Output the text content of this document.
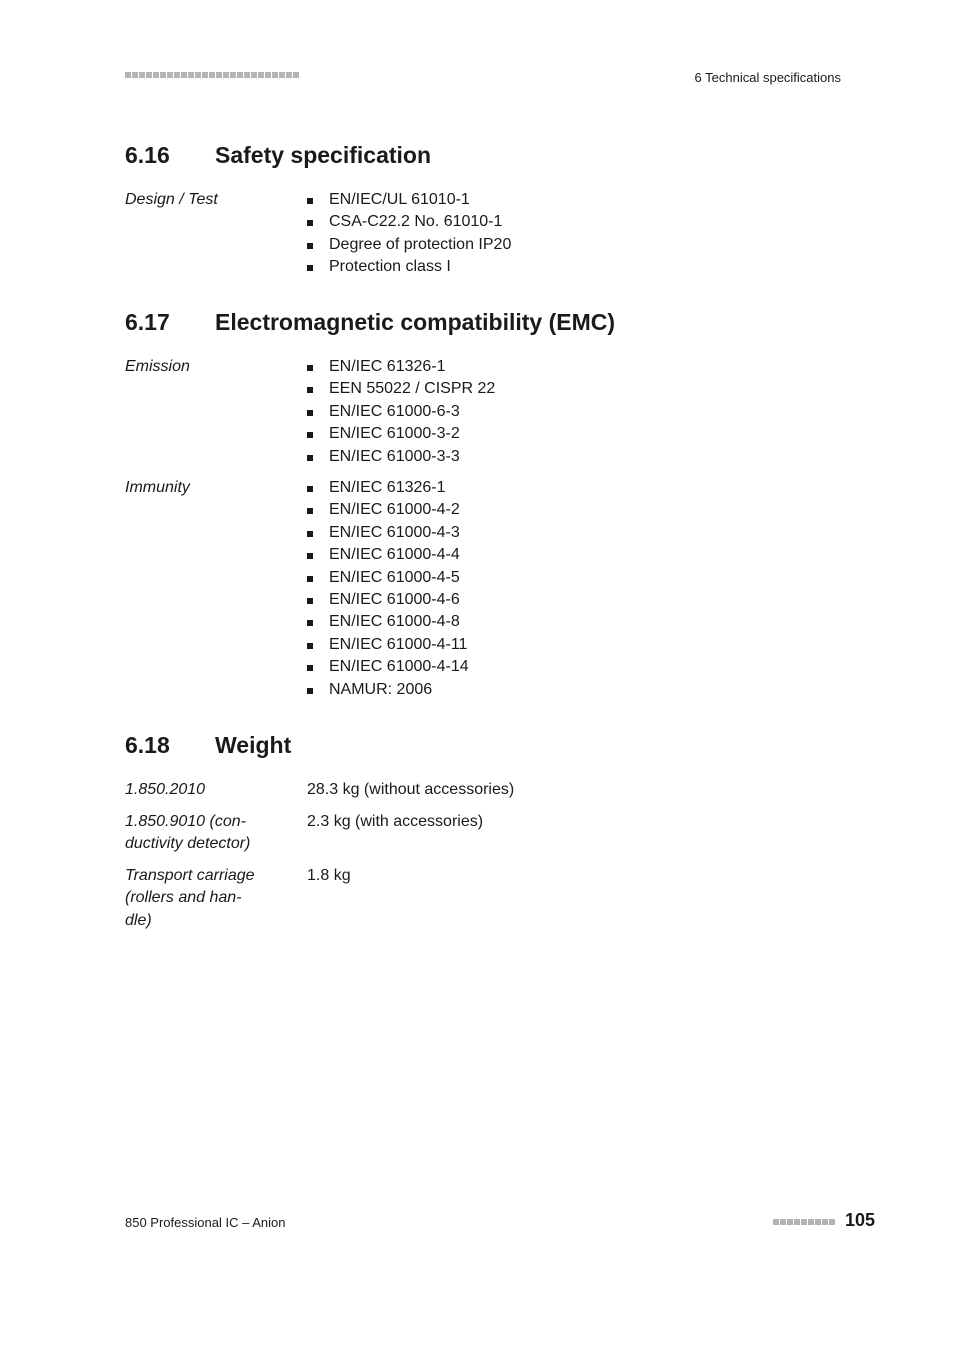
6 Technical specifications
6.16 Safety specification
Design / Test	EN/IEC/UL 61010-1
CSA-C22.2 No. 61010-1
Degree of protection IP20
Protection class I
6.17 Electromagnetic compatibility (EMC)
Emission	EN/IEC 61326-1
EEN 55022 / CISPR 22
EN/IEC 61000-6-3
EN/IEC 61000-3-2
EN/IEC 61000-3-3
Immunity	EN/IEC 61326-1
EN/IEC 61000-4-2
EN/IEC 61000-4-3
EN/IEC 61000-4-4
EN/IEC 61000-4-5
EN/IEC 61000-4-6
EN/IEC 61000-4-8
EN/IEC 61000-4-11
EN/IEC 61000-4-14
NAMUR: 2006
6.18 Weight
1.850.2010	28.3 kg (without accessories)
1.850.9010 (con-
ductivity detector)
2.3 kg (with accessories)
Transport carriage
(rollers and han-
dle)
1.8 kg
850 Professional IC – Anion	105
